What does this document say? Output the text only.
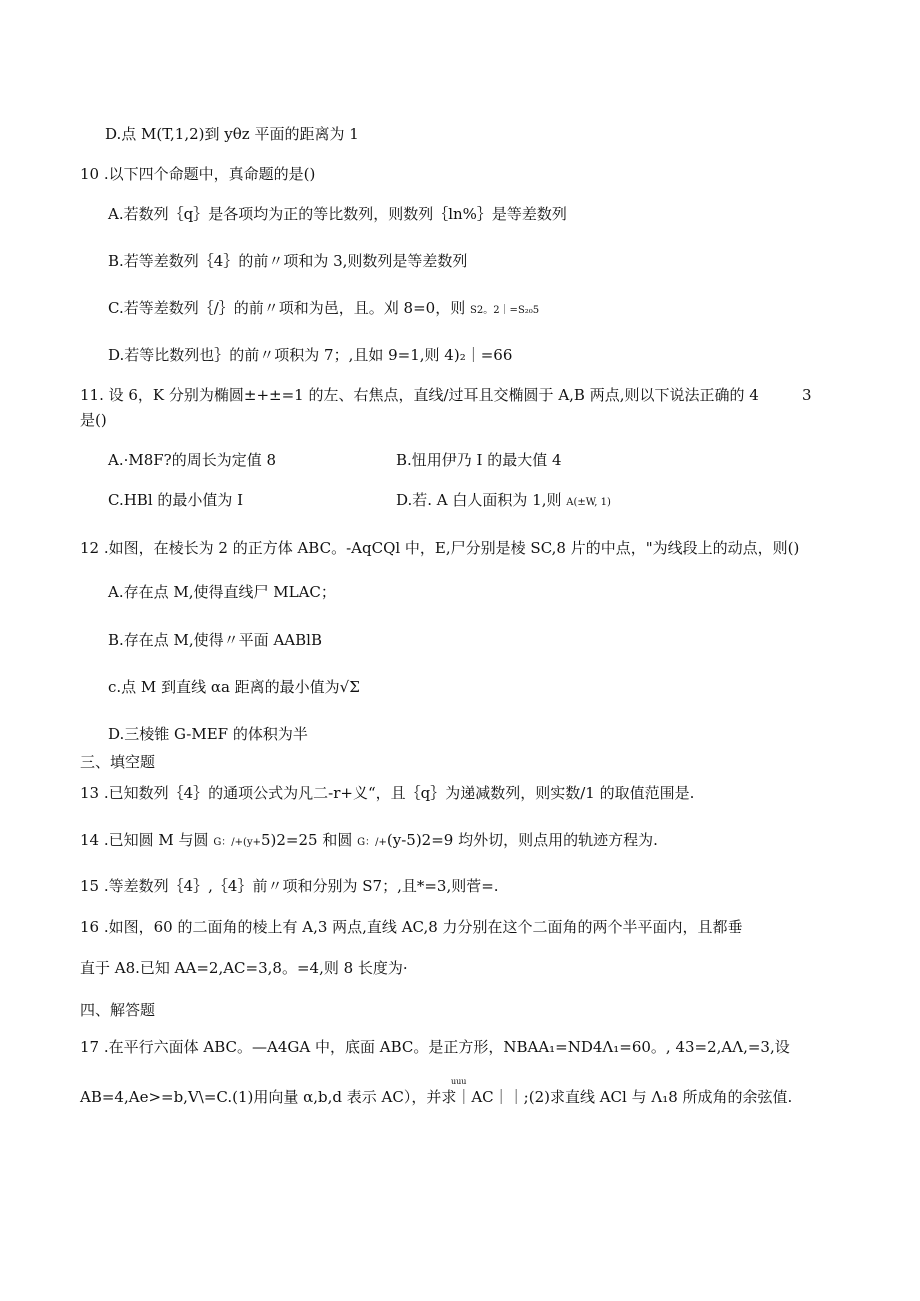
D.点 M(T,1,2)到 yθz 平面的距离为 1
10 .以下四个命题中，真命题的是()
A.若数列｛q｝是各项均为正的等比数列，则数列｛ln%｝是等差数列
B.若等差数列｛4｝的前〃项和为 3,则数列是等差数列
C.若等差数列｛/｝的前〃项和为邑，且。刈 8=0，则 S2。2｜=S₂₀5
D.若等比数列也｝的前〃项积为 7；,且如 9=1,则 4)₂｜=66
11. 设 6，K 分别为椭圆±+±=1 的左、右焦点，直线/过耳且交椭圆于 A,B 两点,则以下说法正确的 4	3
是()
A.·M8F?的周长为定值 8	B.忸用伊乃 I 的最大值 4
C.HBl 的最小值为 I	D.若. A 白人面积为 1,则 A(±W, 1)
12 .如图，在棱长为 2 的正方体 ABC。-AqCQl 中，E,尸分别是棱 SC,8 片的中点，"为线段上的动点，则()
A.存在点 M,使得直线尸 MLAC；
B.存在点 M,使得〃平面 AABlB
c.点 M 到直线 αa 距离的最小值为√Σ
D.三棱锥 G-MEF 的体积为半
三、填空题
13 .已知数列｛4｝的通项公式为凡二-r+义“，且｛q｝为递减数列，则实数/1 的取值范围是.
14 .已知圆 M 与圆 G：/+(y+5)2=25 和圆 G：/+(y-5)2=9 均外切，则点用的轨迹方程为.
15 .等差数列｛4｝,｛4｝前〃项和分别为 S7；,且*=3,则菅=.
16 .如图，60 的二面角的棱上有 A,3 两点,直线 AC,8 力分别在这个二面角的两个半平面内，且都垂
直于 A8.已知 AA=2,AC=3,8。=4,则 8 长度为·
四、解答题
17 .在平行六面体 ABC。—A4GA 中，底面 ABC。是正方形，NBAA₁=ND4Λ₁=60。, 43=2,AΛ,=3,设
uuu
AB=4,Ae>=b,V\=C.(1)用向量 α,b,d 表示 AC），并求｜AC｜｜;(2)求直线 ACl 与 Λ₁8 所成角的余弦值.
